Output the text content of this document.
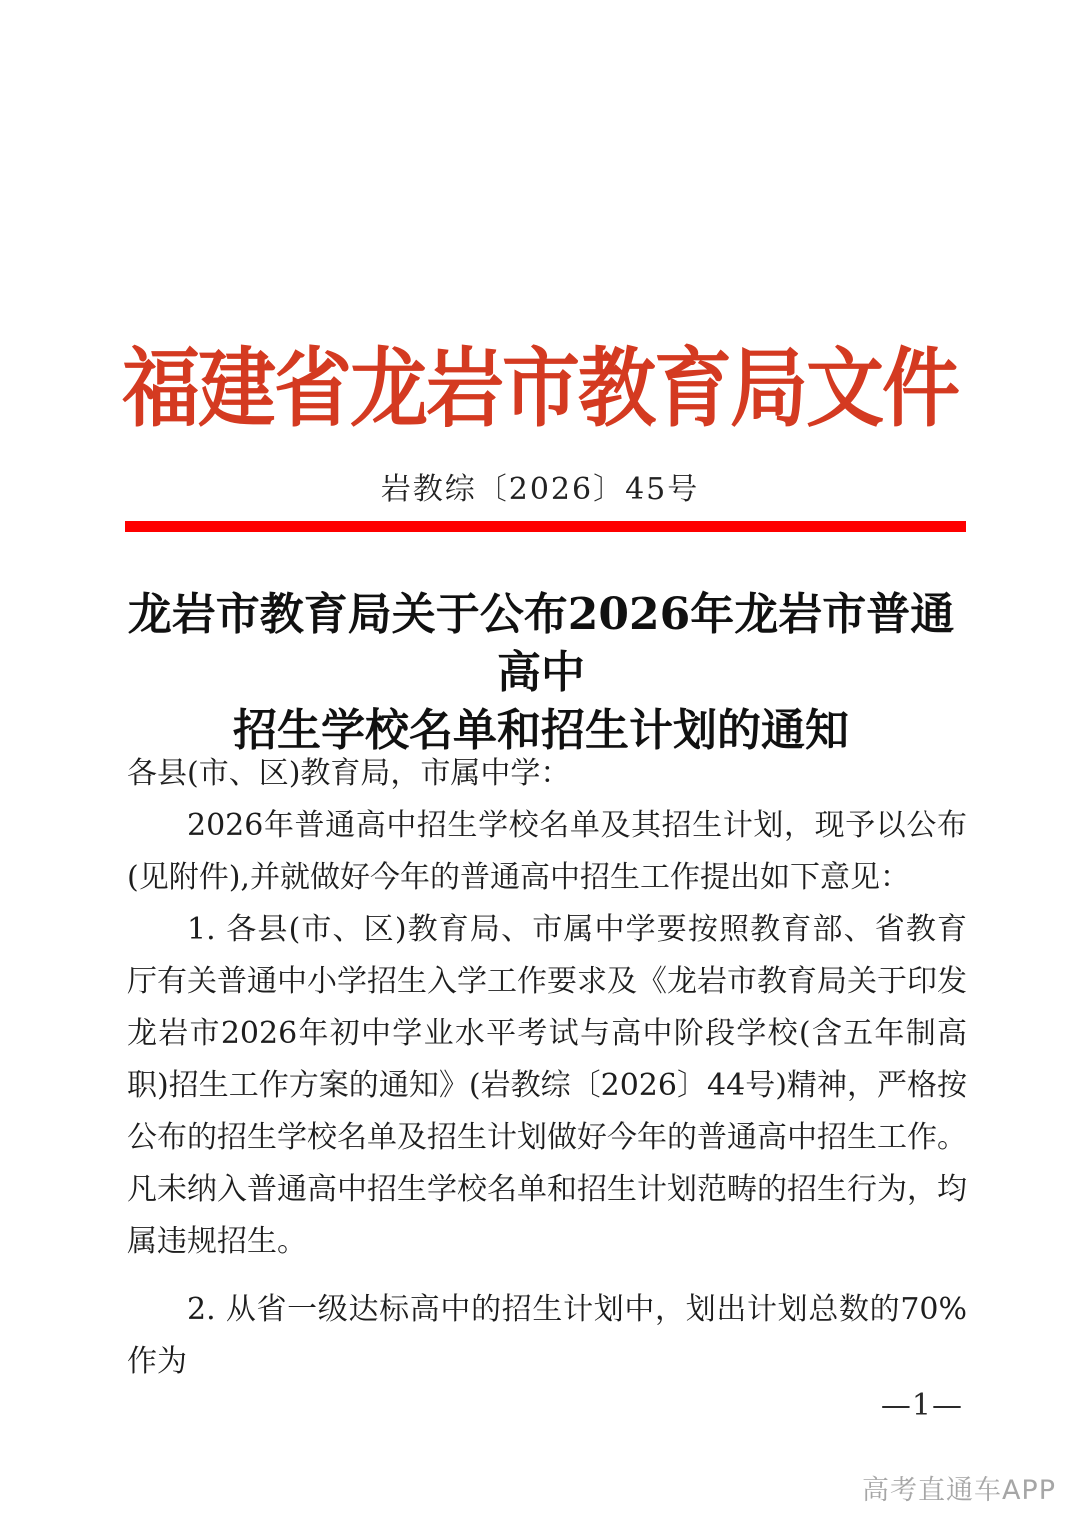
福建省龙岩市教育局文件
岩教综〔2026〕45号
龙岩市教育局关于公布2026年龙岩市普通高中
招生学校名单和招生计划的通知

各县(市、区)教育局，市属中学：

2026年普通高中招生学校名单及其招生计划，现予以公布(见附件),并就做好今年的普通高中招生工作提出如下意见：

1. 各县(市、区)教育局、市属中学要按照教育部、省教育厅有关普通中小学招生入学工作要求及《龙岩市教育局关于印发龙岩市2026年初中学业水平考试与高中阶段学校(含五年制高职)招生工作方案的通知》(岩教综〔2026〕44号)精神，严格按公布的招生学校名单及招生计划做好今年的普通高中招生工作。凡未纳入普通高中招生学校名单和招生计划范畴的招生行为，均属违规招生。

2. 从省一级达标高中的招生计划中，划出计划总数的70%作为

—1—
高考直通车APP
